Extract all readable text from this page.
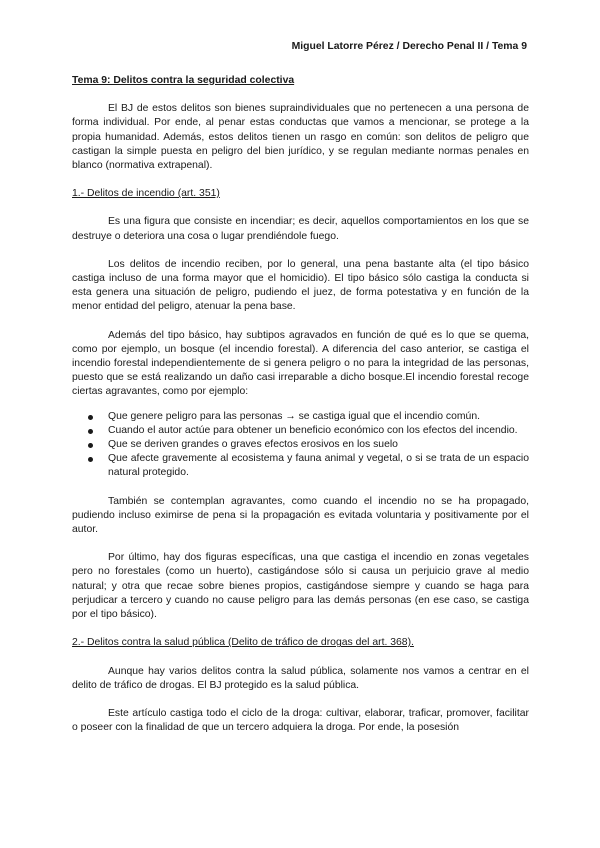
Miguel Latorre Pérez / Derecho Penal II / Tema 9
Tema 9: Delitos contra la seguridad colectiva

El BJ de estos delitos son bienes supraindividuales que no pertenecen a una persona de forma individual. Por ende, al penar estas conductas que vamos a mencionar, se protege a la propia humanidad. Además, estos delitos tienen un rasgo en común: son delitos de peligro que castigan la simple puesta en peligro del bien jurídico, y se regulan mediante normas penales en blanco (normativa extrapenal).

1.- Delitos de incendio (art. 351)

Es una figura que consiste en incendiar; es decir, aquellos comportamientos en los que se destruye o deteriora una cosa o lugar prendiéndole fuego.

Los delitos de incendio reciben, por lo general, una pena bastante alta (el tipo básico castiga incluso de una forma mayor que el homicidio). El tipo básico sólo castiga la conducta si esta genera una situación de peligro, pudiendo el juez, de forma potestativa y en función de la menor entidad del peligro, atenuar la pena base.

Además del tipo básico, hay subtipos agravados en función de qué es lo que se quema, como por ejemplo, un bosque (el incendio forestal). A diferencia del caso anterior, se castiga el incendio forestal independientemente de si genera peligro o no para la integridad de las personas, puesto que se está realizando un daño casi irreparable a dicho bosque.El incendio forestal recoge ciertas agravantes, como por ejemplo:

Que genere peligro para las personas → se castiga igual que el incendio común.
Cuando el autor actúe para obtener un beneficio económico con los efectos del incendio.
Que se deriven grandes o graves efectos erosivos en los suelo
Que afecte gravemente al ecosistema y fauna animal y vegetal, o si se trata de un espacio natural protegido.

También se contemplan agravantes, como cuando el incendio no se ha propagado, pudiendo incluso eximirse de pena si la propagación es evitada voluntaria y positivamente por el autor.

Por último, hay dos figuras específicas, una que castiga el incendio en zonas vegetales pero no forestales (como un huerto), castigándose sólo si causa un perjuicio grave al medio natural; y otra que recae sobre bienes propios, castigándose siempre y cuando se haga para perjudicar a tercero y cuando no cause peligro para las demás personas (en ese caso, se castiga por el tipo básico).

2.- Delitos contra la salud pública (Delito de tráfico de drogas del art. 368).

Aunque hay varios delitos contra la salud pública, solamente nos vamos a centrar en el delito de tráfico de drogas. El BJ protegido es la salud pública.

Este artículo castiga todo el ciclo de la droga: cultivar, elaborar, traficar, promover, facilitar o poseer con la finalidad de que un tercero adquiera la droga. Por ende, la posesión
